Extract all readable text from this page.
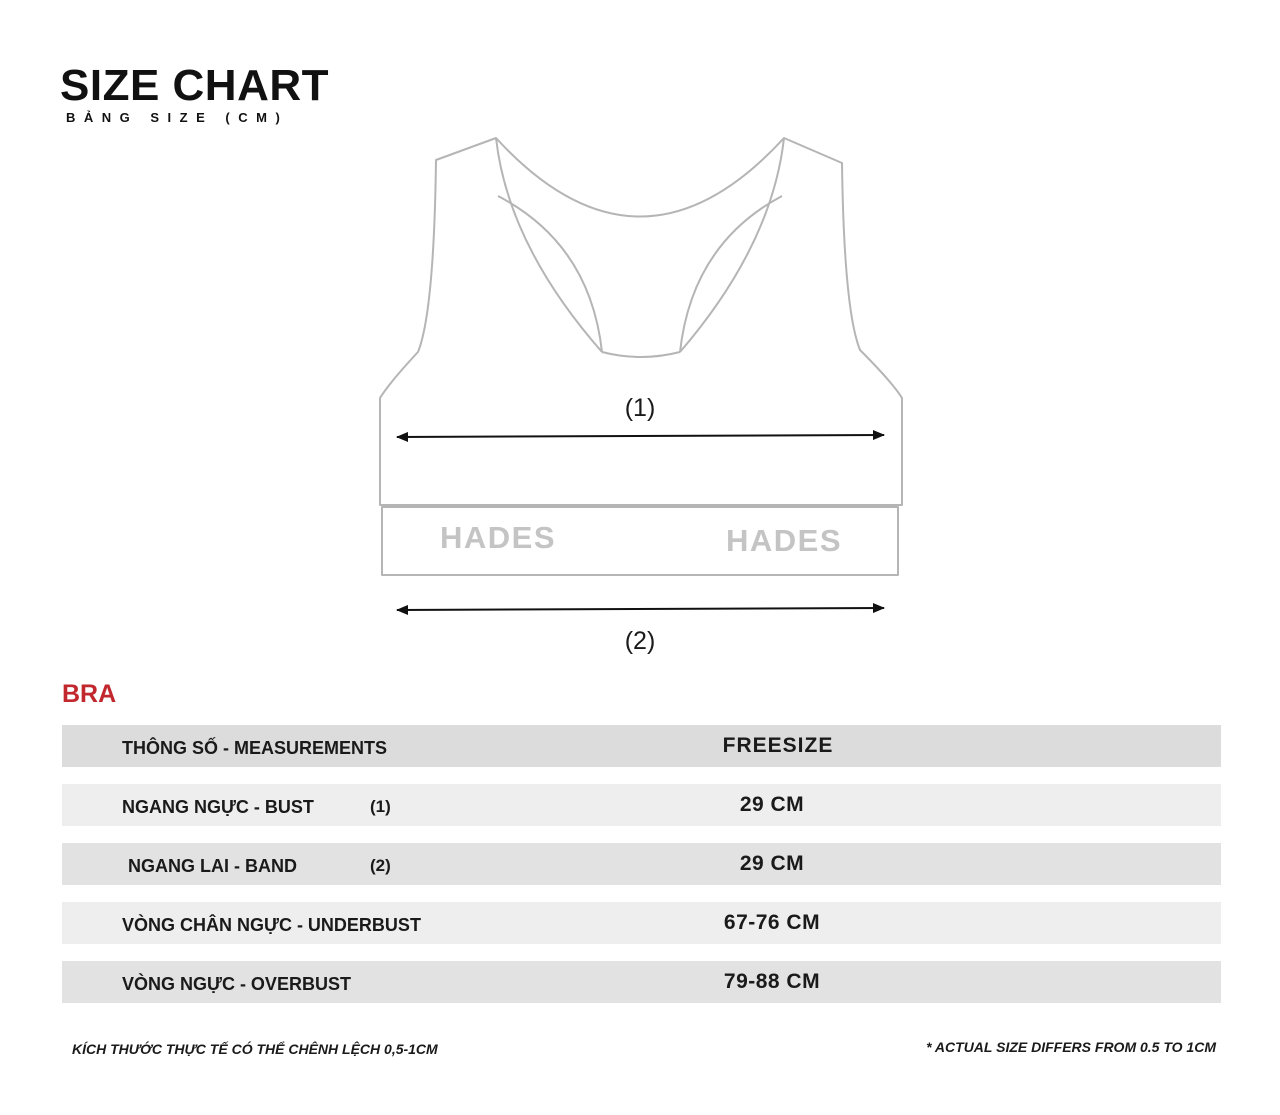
SIZE CHART
BẢNG SIZE (CM)
HADES	HADES
(1)
(2)
BRA
THÔNG SỐ - MEASUREMENTS	FREESIZE
NGANG NGỰC - BUST	(1)	29 CM
NGANG LAI - BAND	(2)	29 CM
VÒNG CHÂN NGỰC - UNDERBUST	67-76 CM
VÒNG NGỰC - OVERBUST	79-88 CM
KÍCH THƯỚC THỰC TẾ CÓ THỂ CHÊNH LỆCH 0,5-1CM	* ACTUAL SIZE DIFFERS FROM 0.5 TO 1CM
